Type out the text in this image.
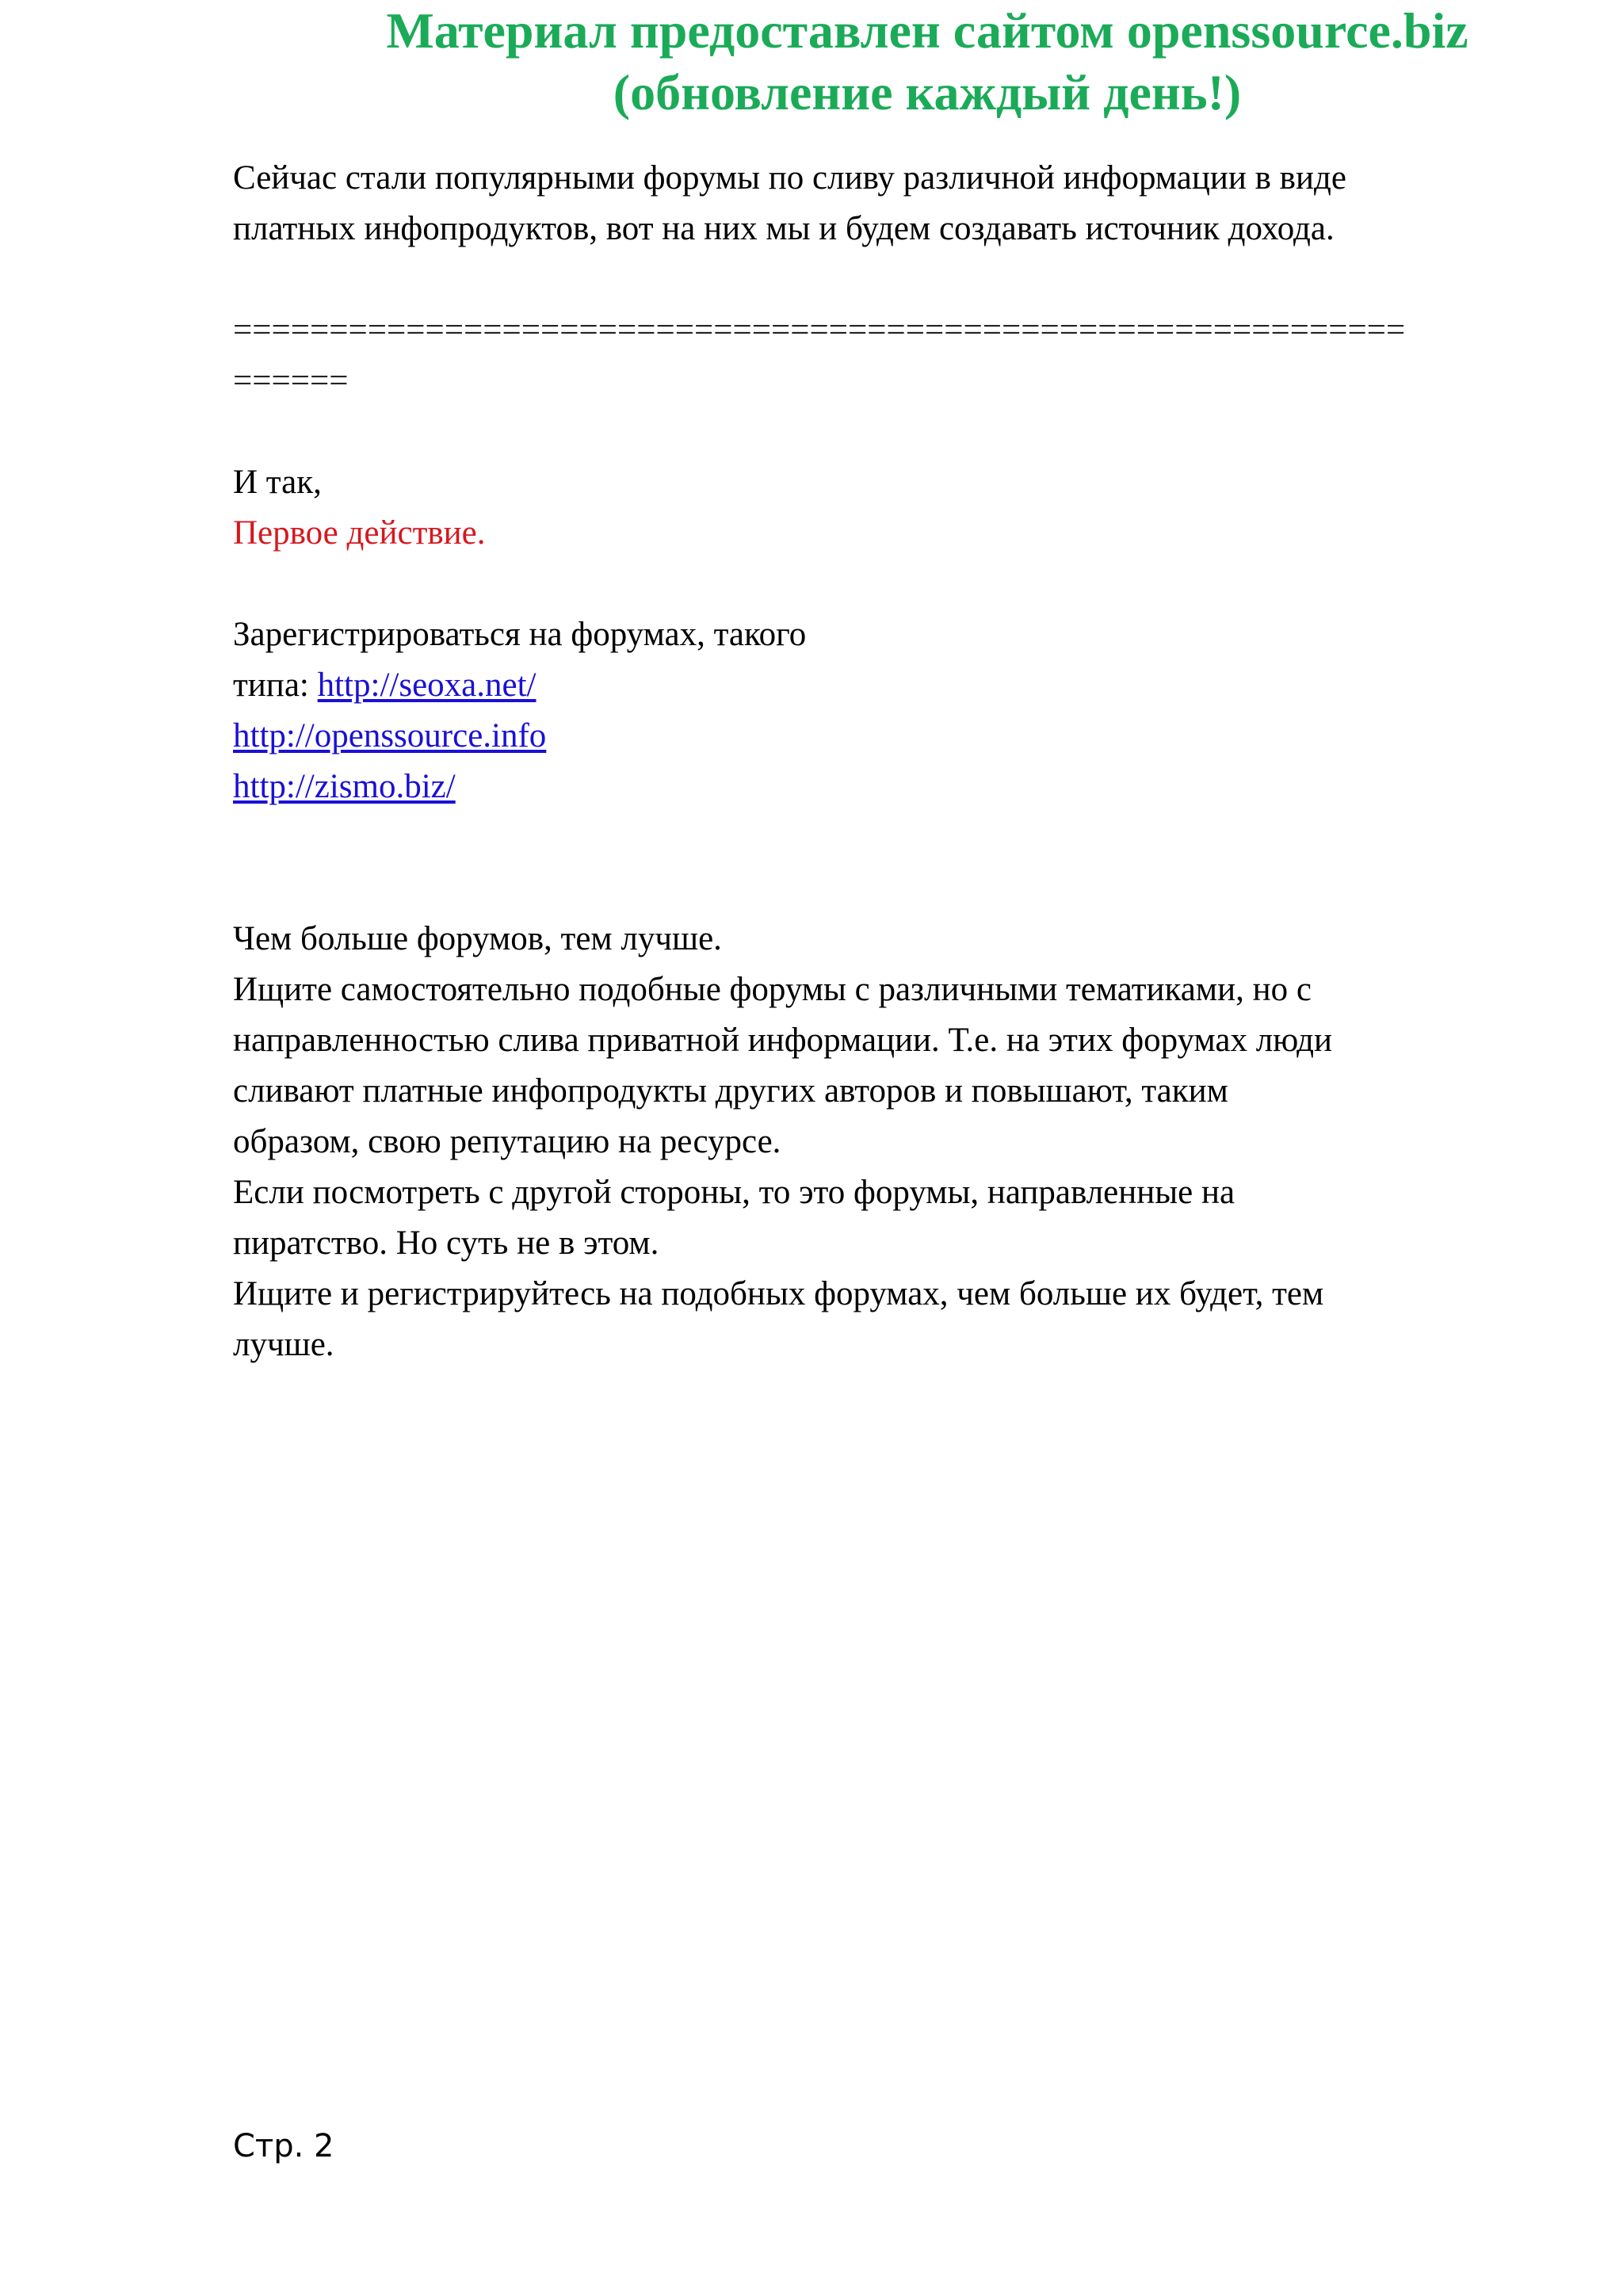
Материал предоставлен сайтом openssource.biz
(обновление каждый день!)

Сейчас стали популярными форумы по сливу различной информации в виде

платных инфопродуктов, вот на них мы и будем создавать источник дохода.

=============================================================

======

И так,

Первое действие.

Зарегистрироваться на форумах, такого

типа: http://seoxa.net/

http://openssource.info

http://zismo.biz/

Чем больше форумов, тем лучше.

Ищите самостоятельно подобные форумы с различными тематиками, но с

направленностью слива приватной информации. Т.е. на этих форумах люди

сливают платные инфопродукты других авторов и повышают, таким

образом, свою репутацию на ресурсе.

Если посмотреть с другой стороны, то это форумы, направленные на

пиратство. Но суть не в этом.

Ищите и регистрируйтесь на подобных форумах, чем больше их будет, тем

лучше.

Стр. 2
